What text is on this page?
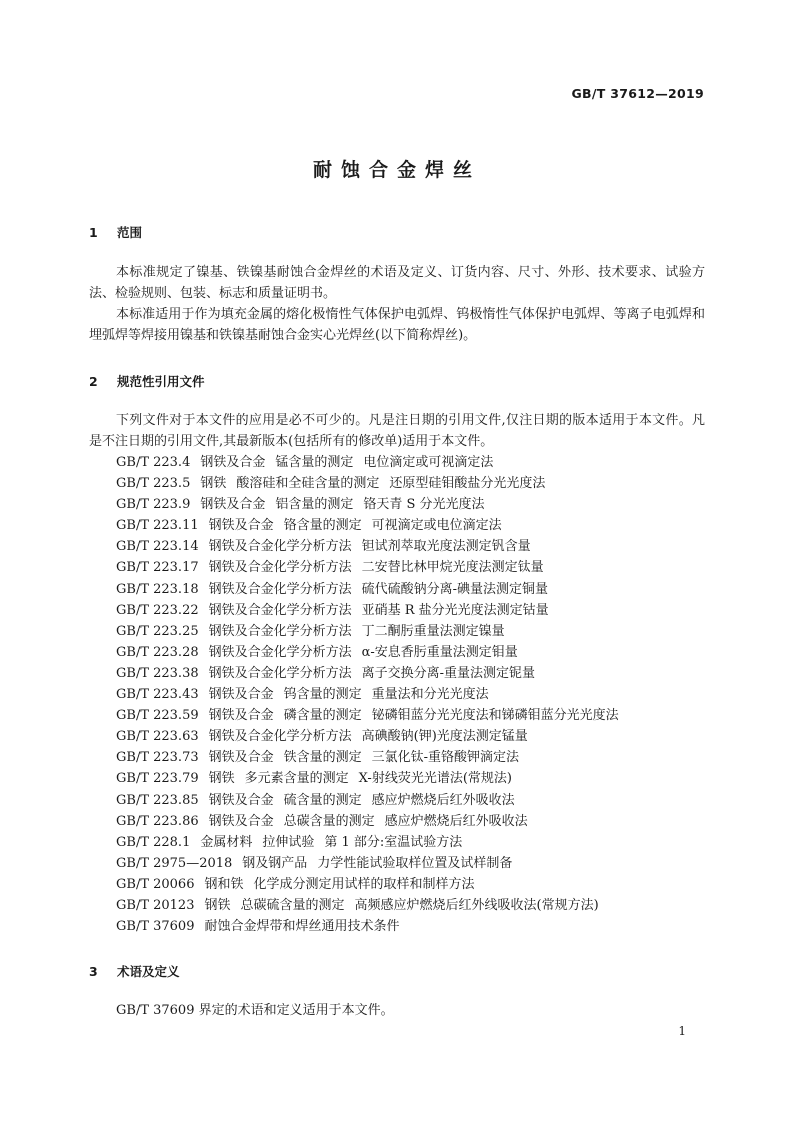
GB/T 37612—2019
耐蚀合金焊丝
1 范围

本标准规定了镍基、铁镍基耐蚀合金焊丝的术语及定义、订货内容、尺寸、外形、技术要求、试验方法、检验规则、包装、标志和质量证明书。

本标准适用于作为填充金属的熔化极惰性气体保护电弧焊、钨极惰性气体保护电弧焊、等离子电弧焊和埋弧焊等焊接用镍基和铁镍基耐蚀合金实心光焊丝(以下简称焊丝)。

2 规范性引用文件

下列文件对于本文件的应用是必不可少的。凡是注日期的引用文件,仅注日期的版本适用于本文件。凡是不注日期的引用文件,其最新版本(包括所有的修改单)适用于本文件。

GB/T 223.4 钢铁及合金 锰含量的测定 电位滴定或可视滴定法
GB/T 223.5 钢铁 酸溶硅和全硅含量的测定 还原型硅钼酸盐分光光度法
GB/T 223.9 钢铁及合金 铝含量的测定 铬天青 S 分光光度法
GB/T 223.11 钢铁及合金 铬含量的测定 可视滴定或电位滴定法
GB/T 223.14 钢铁及合金化学分析方法 钽试剂萃取光度法测定钒含量
GB/T 223.17 钢铁及合金化学分析方法 二安替比林甲烷光度法测定钛量
GB/T 223.18 钢铁及合金化学分析方法 硫代硫酸钠分离-碘量法测定铜量
GB/T 223.22 钢铁及合金化学分析方法 亚硝基 R 盐分光光度法测定钴量
GB/T 223.25 钢铁及合金化学分析方法 丁二酮肟重量法测定镍量
GB/T 223.28 钢铁及合金化学分析方法 α-安息香肟重量法测定钼量
GB/T 223.38 钢铁及合金化学分析方法 离子交换分离-重量法测定铌量
GB/T 223.43 钢铁及合金 钨含量的测定 重量法和分光光度法
GB/T 223.59 钢铁及合金 磷含量的测定 铋磷钼蓝分光光度法和锑磷钼蓝分光光度法
GB/T 223.63 钢铁及合金化学分析方法 高碘酸钠(钾)光度法测定锰量
GB/T 223.73 钢铁及合金 铁含量的测定 三氯化钛-重铬酸钾滴定法
GB/T 223.79 钢铁 多元素含量的测定 X-射线荧光光谱法(常规法)
GB/T 223.85 钢铁及合金 硫含量的测定 感应炉燃烧后红外吸收法
GB/T 223.86 钢铁及合金 总碳含量的测定 感应炉燃烧后红外吸收法
GB/T 228.1 金属材料 拉伸试验 第 1 部分:室温试验方法
GB/T 2975—2018 钢及钢产品 力学性能试验取样位置及试样制备
GB/T 20066 钢和铁 化学成分测定用试样的取样和制样方法
GB/T 20123 钢铁 总碳硫含量的测定 高频感应炉燃烧后红外线吸收法(常规方法)
GB/T 37609 耐蚀合金焊带和焊丝通用技术条件
3 术语及定义

GB/T 37609 界定的术语和定义适用于本文件。

1
